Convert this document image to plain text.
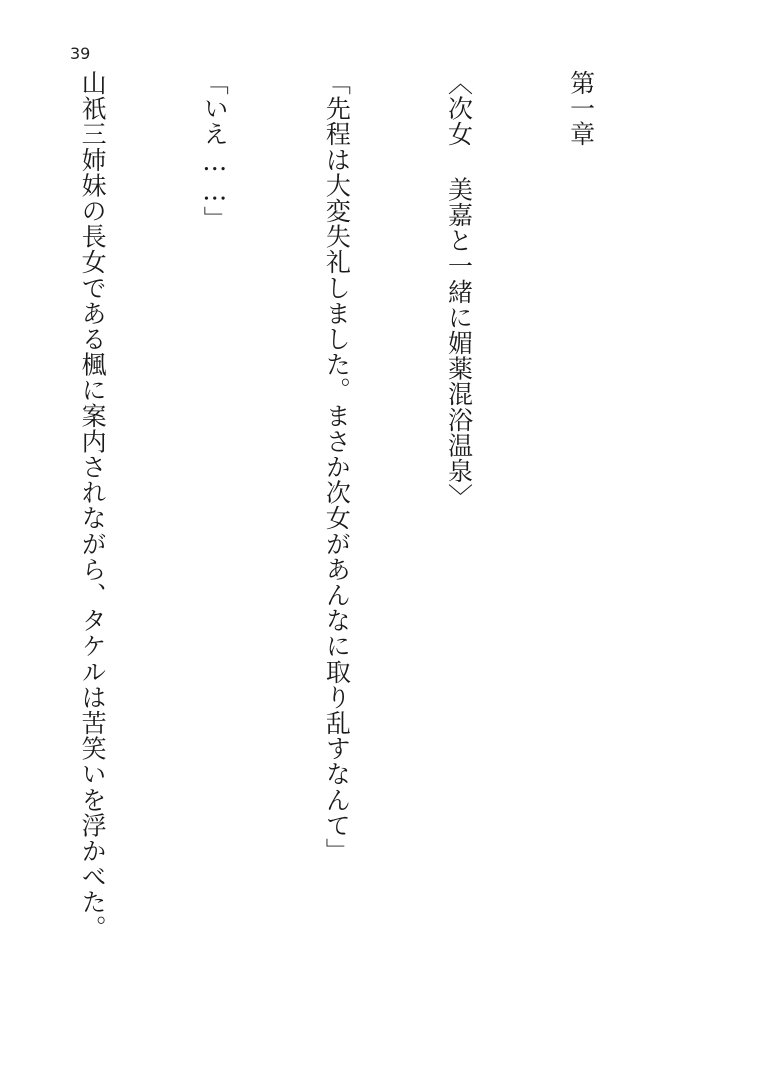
39

第一章

〈次女 美嘉と一緒に媚薬混浴温泉〉

「先程は大変失礼しました。まさか次女があんなに取り乱すなんて」

「いえ……」

山祇三姉妹の長女である楓に案内されながら、タケルは苦笑いを浮かべた。
